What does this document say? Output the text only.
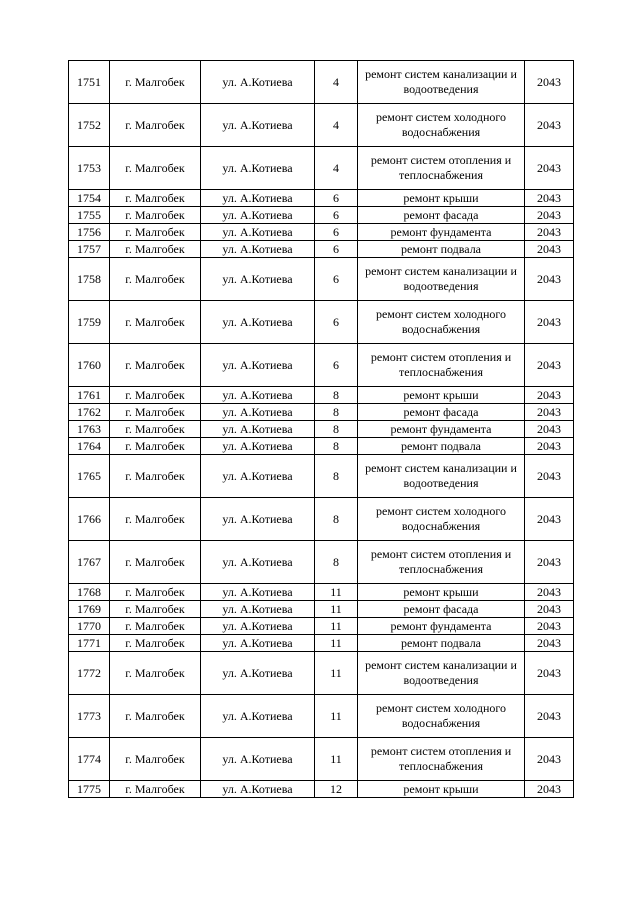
1751	г. Малгобек	ул. А.Котиева	4	ремонт систем канализации и водоотведения	2043
1752	г. Малгобек	ул. А.Котиева	4	ремонт систем холодного водоснабжения	2043
1753	г. Малгобек	ул. А.Котиева	4	ремонт систем отопления и теплоснабжения	2043
1754	г. Малгобек	ул. А.Котиева	6	ремонт крыши	2043
1755	г. Малгобек	ул. А.Котиева	6	ремонт фасада	2043
1756	г. Малгобек	ул. А.Котиева	6	ремонт фундамента	2043
1757	г. Малгобек	ул. А.Котиева	6	ремонт подвала	2043
1758	г. Малгобек	ул. А.Котиева	6	ремонт систем канализации и водоотведения	2043
1759	г. Малгобек	ул. А.Котиева	6	ремонт систем холодного водоснабжения	2043
1760	г. Малгобек	ул. А.Котиева	6	ремонт систем отопления и теплоснабжения	2043
1761	г. Малгобек	ул. А.Котиева	8	ремонт крыши	2043
1762	г. Малгобек	ул. А.Котиева	8	ремонт фасада	2043
1763	г. Малгобек	ул. А.Котиева	8	ремонт фундамента	2043
1764	г. Малгобек	ул. А.Котиева	8	ремонт подвала	2043
1765	г. Малгобек	ул. А.Котиева	8	ремонт систем канализации и водоотведения	2043
1766	г. Малгобек	ул. А.Котиева	8	ремонт систем холодного водоснабжения	2043
1767	г. Малгобек	ул. А.Котиева	8	ремонт систем отопления и теплоснабжения	2043
1768	г. Малгобек	ул. А.Котиева	11	ремонт крыши	2043
1769	г. Малгобек	ул. А.Котиева	11	ремонт фасада	2043
1770	г. Малгобек	ул. А.Котиева	11	ремонт фундамента	2043
1771	г. Малгобек	ул. А.Котиева	11	ремонт подвала	2043
1772	г. Малгобек	ул. А.Котиева	11	ремонт систем канализации и водоотведения	2043
1773	г. Малгобек	ул. А.Котиева	11	ремонт систем холодного водоснабжения	2043
1774	г. Малгобек	ул. А.Котиева	11	ремонт систем отопления и теплоснабжения	2043
1775	г. Малгобек	ул. А.Котиева	12	ремонт крыши	2043
